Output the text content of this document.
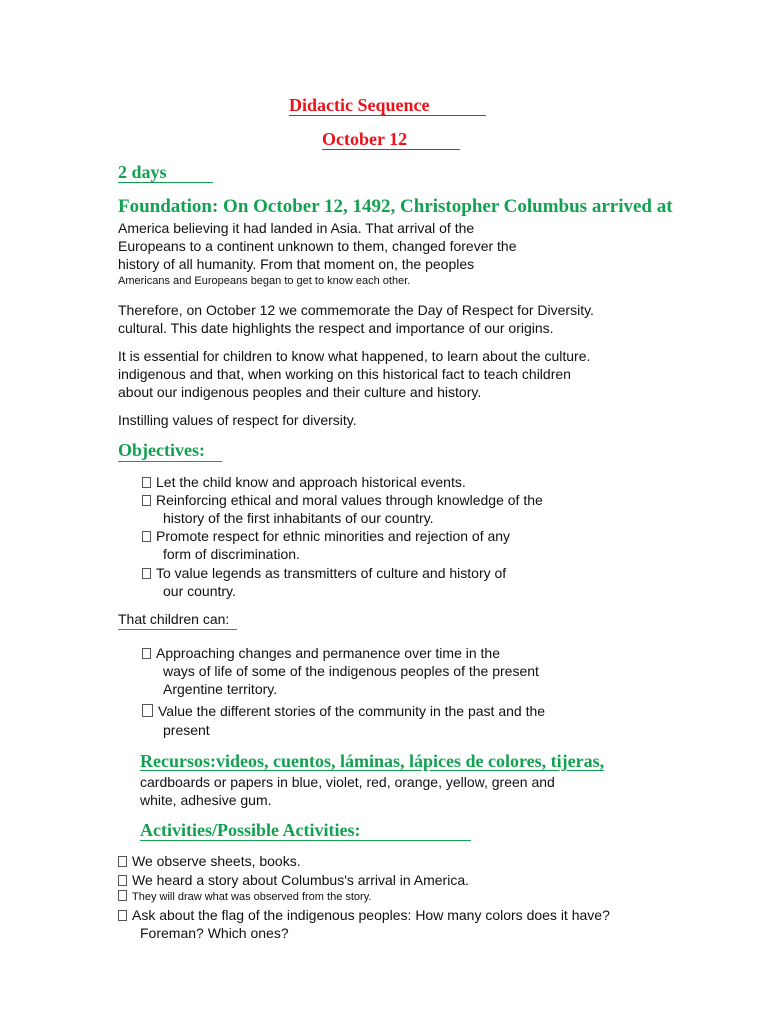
Didactic Sequence
October 12
2 days
Foundation: On October 12, 1492, Christopher Columbus arrived at
America believing it had landed in Asia. That arrival of the
Europeans to a continent unknown to them, changed forever the
history of all humanity. From that moment on, the peoples
Americans and Europeans began to get to know each other.
Therefore, on October 12 we commemorate the Day of Respect for Diversity.
cultural. This date highlights the respect and importance of our origins.
It is essential for children to know what happened, to learn about the culture.
indigenous and that, when working on this historical fact to teach children
about our indigenous peoples and their culture and history.
Instilling values of respect for diversity.
Objectives:
Let the child know and approach historical events.
Reinforcing ethical and moral values through knowledge of the
history of the first inhabitants of our country.
Promote respect for ethnic minorities and rejection of any
form of discrimination.
To value legends as transmitters of culture and history of
our country.
That children can:
Approaching changes and permanence over time in the
ways of life of some of the indigenous peoples of the present
Argentine territory.
Value the different stories of the community in the past and the
present
Recursos:videos, cuentos, láminas, lápices de colores, tijeras,
cardboards or papers in blue, violet, red, orange, yellow, green and
white, adhesive gum.
Activities/Possible Activities:
We observe sheets, books.
We heard a story about Columbus's arrival in America.
They will draw what was observed from the story.
Ask about the flag of the indigenous peoples: How many colors does it have?
Foreman? Which ones?
